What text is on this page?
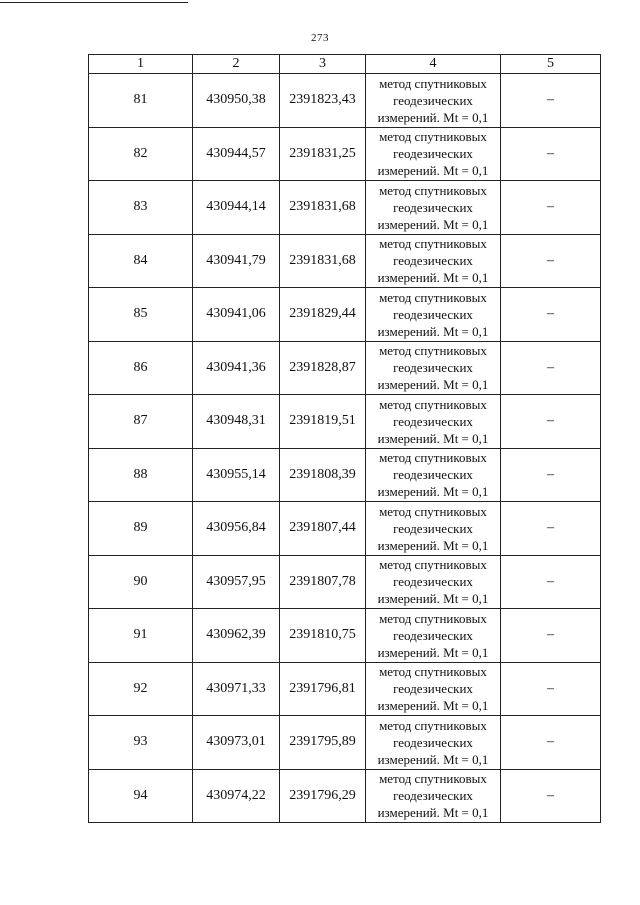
273
1	2	3	4	5
81	430950,38	2391823,43	метод спутниковых
геодезических
измерений. Mt = 0,1	–
82	430944,57	2391831,25	метод спутниковых
геодезических
измерений. Mt = 0,1	–
83	430944,14	2391831,68	метод спутниковых
геодезических
измерений. Mt = 0,1	–
84	430941,79	2391831,68	метод спутниковых
геодезических
измерений. Mt = 0,1	–
85	430941,06	2391829,44	метод спутниковых
геодезических
измерений. Mt = 0,1	–
86	430941,36	2391828,87	метод спутниковых
геодезических
измерений. Mt = 0,1	–
87	430948,31	2391819,51	метод спутниковых
геодезических
измерений. Mt = 0,1	–
88	430955,14	2391808,39	метод спутниковых
геодезических
измерений. Mt = 0,1	–
89	430956,84	2391807,44	метод спутниковых
геодезических
измерений. Mt = 0,1	–
90	430957,95	2391807,78	метод спутниковых
геодезических
измерений. Mt = 0,1	–
91	430962,39	2391810,75	метод спутниковых
геодезических
измерений. Mt = 0,1	–
92	430971,33	2391796,81	метод спутниковых
геодезических
измерений. Mt = 0,1	–
93	430973,01	2391795,89	метод спутниковых
геодезических
измерений. Mt = 0,1	–
94	430974,22	2391796,29	метод спутниковых
геодезических
измерений. Mt = 0,1	–
